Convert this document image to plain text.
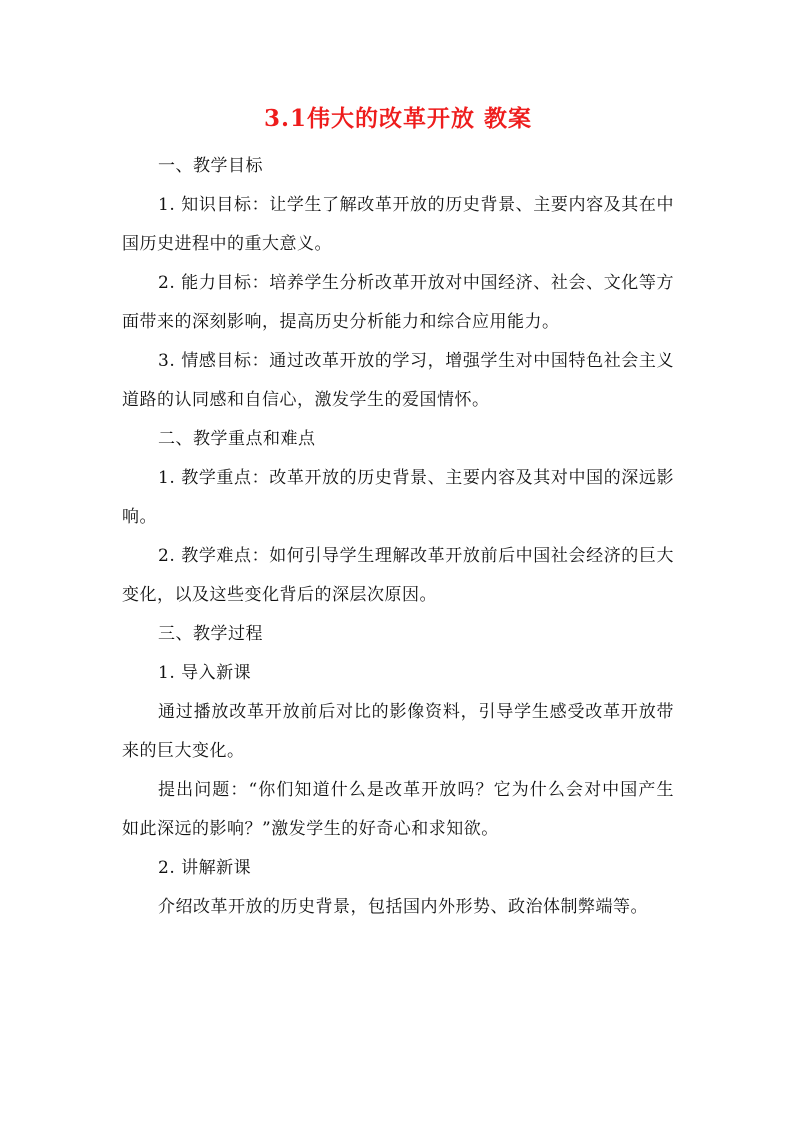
3.1伟大的改革开放 教案

一、教学目标

1. 知识目标：让学生了解改革开放的历史背景、主要内容及其在中国历史进程中的重大意义。

2. 能力目标：培养学生分析改革开放对中国经济、社会、文化等方面带来的深刻影响，提高历史分析能力和综合应用能力。

3. 情感目标：通过改革开放的学习，增强学生对中国特色社会主义道路的认同感和自信心，激发学生的爱国情怀。

二、教学重点和难点

1. 教学重点：改革开放的历史背景、主要内容及其对中国的深远影响。

2. 教学难点：如何引导学生理解改革开放前后中国社会经济的巨大变化，以及这些变化背后的深层次原因。

三、教学过程

1. 导入新课

通过播放改革开放前后对比的影像资料，引导学生感受改革开放带来的巨大变化。

提出问题：“你们知道什么是改革开放吗？它为什么会对中国产生如此深远的影响？”激发学生的好奇心和求知欲。

2. 讲解新课

介绍改革开放的历史背景，包括国内外形势、政治体制弊端等。
